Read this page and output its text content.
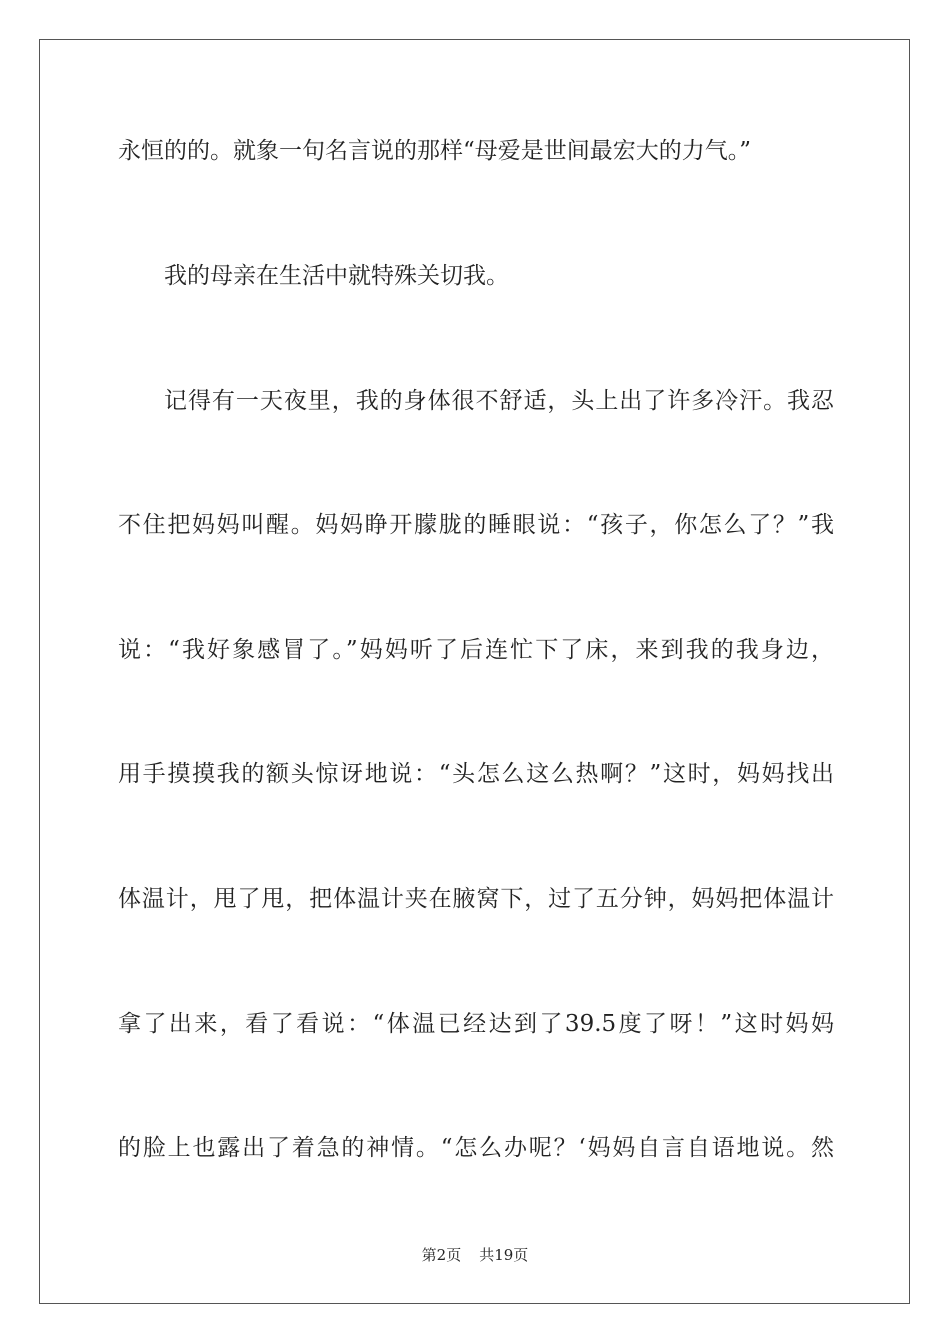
永恒的的。就象一句名言说的那样“母爱是世间最宏大的力气。”
我的母亲在生活中就特殊关切我。
记得有一天夜里，我的身体很不舒适，头上出了许多冷汗。我忍
不住把妈妈叫醒。妈妈睁开朦胧的睡眼说：“孩子，你怎么了？”我
说：“我好象感冒了。”妈妈听了后连忙下了床，来到我的我身边，
用手摸摸我的额头惊讶地说：“头怎么这么热啊？”这时，妈妈找出
体温计，甩了甩，把体温计夹在腋窝下，过了五分钟，妈妈把体温计
拿了出来，看了看说：“体温已经达到了39.5度了呀！”这时妈妈
的脸上也露出了着急的神情。“怎么办呢？‘妈妈自言自语地说。然
第2页 共19页
